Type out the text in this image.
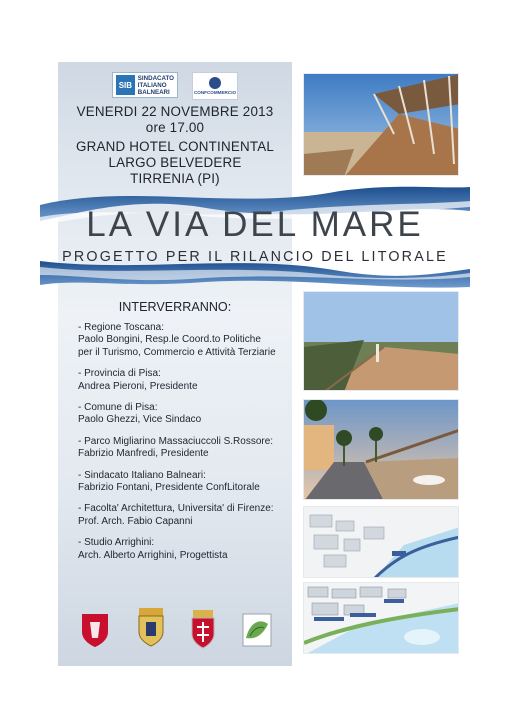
SIB
SINDACATO
ITALIANO
BALNEARI	CONFCOMMERCIO
VENERDI 22 NOVEMBRE 2013
ore 17.00
GRAND HOTEL CONTINENTAL
LARGO BELVEDERE
TIRRENIA (PI)
LA VIA DEL MARE
PROGETTO PER IL RILANCIO DEL LITORALE
INTERVERRANNO:
- Regione Toscana:
Paolo Bongini, Resp.le Coord.to Politiche
per il Turismo, Commercio e Attività Terziarie
- Provincia di Pisa:
Andrea Pieroni, Presidente
- Comune di Pisa:
Paolo Ghezzi, Vice Sindaco
- Parco Migliarino Massaciuccoli S.Rossore:
Fabrizio Manfredi, Presidente
- Sindacato Italiano Balneari:
Fabrizio Fontani, Presidente ConfLitorale
- Facolta' Architettura, Universita' di Firenze:
Prof. Arch. Fabio Capanni
- Studio Arrighini:
Arch. Alberto Arrighini, Progettista
